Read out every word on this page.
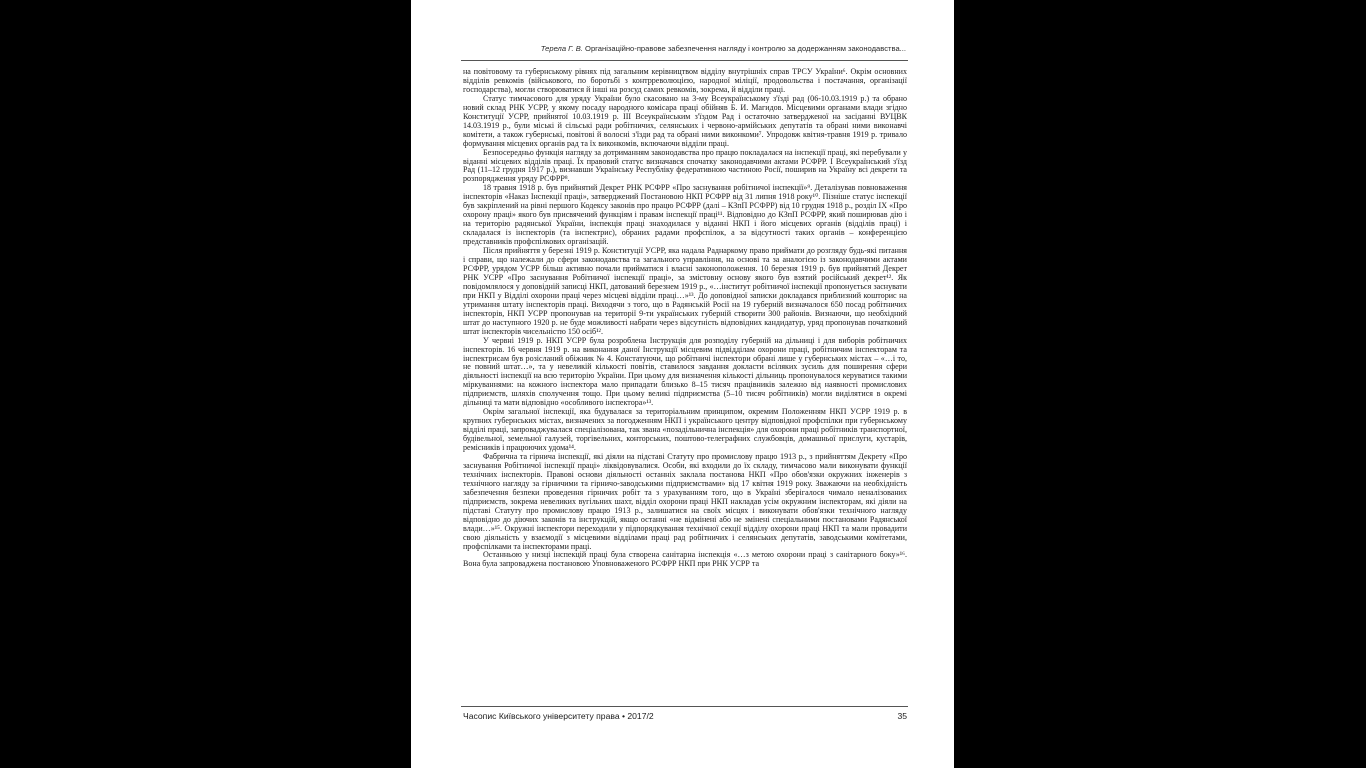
Терела Г. В. Організаційно-правове забезпечення нагляду і контролю за додержанням законодавства...

на повітовому та губернському рівнях під загальним керівництвом відділу внутрішніх справ ТРСУ України⁶. Окрім основних відділів ревкомів (військового, по боротьбі з контрреволюцією, народної міліції, продовольства і постачання, організації господарства), могли створюватися й інші на розсуд самих ревкомів, зокрема, й відділи праці.

Статус тимчасового для уряду України було скасовано на 3-му Всеукраїнському з'їзді рад (06-10.03.1919 р.) та обрано новий склад РНК УСРР, у якому посаду народного комісара праці обійняв Б. И. Магидов. Місцевими органами влади згідно Конституції УСРР, прийнятої 10.03.1919 р. III Всеукраїнським з'їздом Рад і остаточно затвердженої на засіданні ВУЦВК 14.03.1919 р., були міські й сільські ради робітничих, селянських і червоно-армійських депутатів та обрані ними виконавчі комітети, а також губернські, повітові й волосні з'їзди рад та обрані ними виконкоми⁷. Упродовж квітня-травня 1919 р. тривало формування місцевих органів рад та їх виконкомів, включаючи відділи праці.

Безпосередньо функція нагляду за дотриманням законодавства про працю покладалася на інспекції праці, які перебували у віданні місцевих відділів праці. Їх правовий статус визначався спочатку законодавчими актами РСФРР. І Всеукраїнський з'їзд Рад (11–12 грудня 1917 р.), визнавши Українську Республіку федеративною частиною Росії, поширив на Україну всі декрети та розпорядження уряду РСФРР⁸.

18 травня 1918 р. був прийнятий Декрет РНК РСФРР «Про заснування робітничої інспекції»⁹. Деталізував повноваження інспекторів «Наказ Інспекції праці», затверджений Постановою НКП РСФРР від 31 липня 1918 року¹⁰. Пізніше статус інспекції був закріплений на рівні першого Кодексу законів про працю РСФРР (далі – КЗпП РСФРР) від 10 грудня 1918 р., розділ IX «Про охорону праці» якого був присвячений функціям і правам інспекції праці¹¹. Відповідно до КЗпП РСФРР, який поширював дію і на територію радянської України, інспекція праці знаходилася у віданні НКП і його місцевих органів (відділів праці) і складалася із інспекторів (та інспектрис), обраних радами профспілок, а за відсутності таких органів – конференцією представників профспілкових організацій.

Після прийняття у березні 1919 р. Конституції УСРР, яка надала Раднаркому право приймати до розгляду будь-які питання і справи, що належали до сфери законодавства та загального управління, на основі та за аналогією із законодавчими актами РСФРР, урядом УСРР більш активно почали прийматися і власні законоположення. 10 березня 1919 р. був прийнятий Декрет РНК УСРР «Про заснування Робітничої інспекції праці», за змістовну основу якого був взятий російський декрет¹². Як повідомлялося у доповідній записці НКП, датований березнем 1919 р., «…інститут робітничої інспекції пропонується заснувати при НКП у Відділі охорони праці через місцеві відділи праці…»¹³. До доповідної записки докладався приблизний кошторис на утримання штату інспекторів праці. Виходячи з того, що в Радянській Росії на 19 губерній визначалося 650 посад робітничих інспекторів, НКП УСРР пропонував на території 9-ти українських губерній створити 300 районів. Визнаючи, що необхідний штат до наступного 1920 р. не буде можливості набрати через відсутність відповідних кандидатур, уряд пропонував початковий штат інспекторів чисельністю 150 осіб¹².

У червні 1919 р. НКП УСРР була розроблена Інструкція для розподілу губерній на дільниці і для виборів робітничих інспекторів. 16 червня 1919 р. на виконання даної Інструкції місцевим підвідділам охорони праці, робітничим інспекторам та інспектрисам був розісланий обіжник № 4. Констатуючи, що робітничі інспектори обрані лише у губернських містах – «…і то, не повний штат…», та у невеликій кількості повітів, ставилося завдання докласти всіляких зусиль для поширення сфери діяльності інспекції на всю територію України. При цьому для визначення кількості дільниць пропонувалося керуватися такими міркуваннями: на кожного інспектора мало припадати близько 8–15 тисяч працівників залежно від наявності промислових підприємств, шляхів сполучення тощо. При цьому великі підприємства (5–10 тисяч робітників) могли виділятися в окремі дільниці та мати відповідно «особливого інспектора»¹³.

Окрім загальної інспекції, яка будувалася за територіальним принципом, окремим Положенням НКП УСРР 1919 р. в крупних губернських містах, визначених за погодженням НКП і українського центру відповідної профспілки при губернському відділі праці, запроваджувалася спеціалізована, так звана «позадільнична інспекція» для охорони праці робітників транспортної, будівельної, земельної галузей, торгівельних, конторських, поштово-телеграфних службовців, домашньої прислуги, кустарів, ремісників і працюючих удома¹⁴.

Фабрична та гірнича інспекції, які діяли на підставі Статуту про промислову працю 1913 р., з прийняттям Декрету «Про заснування Робітничої інспекції праці» ліквідовувалися. Особи, які входили до їх складу, тимчасово мали виконувати функції технічних інспекторів. Правові основи діяльності останніх заклала постанова НКП «Про обов'язки окружних інженерів з технічного нагляду за гірничими та гірничо-заводськими підприємствами» від 17 квітня 1919 року. Зважаючи на необхідність забезпечення безпеки проведення гірничих робіт та з урахуванням того, що в Україні зберігалося чимало неналізованих підприємств, зокрема невеликих вугільних шахт, відділ охорони праці НКП накладав усім окружним інспекторам, які діяли на підставі Статуту про промислову працю 1913 р., залишатися на своїх місцях і виконувати обов'язки технічного нагляду відповідно до діючих законів та інструкцій, якщо останні «не відмінені або не змінені спеціальними постановами Радянської влади…»¹⁵. Окружні інспектори переходили у підпорядкування технічної секції відділу охорони праці НКП та мали провадити свою діяльність у взаємодії з місцевими відділами праці рад робітничих і селянських депутатів, заводськими комітетами, профспілками та інспекторами праці.

Останньою у низці інспекцій праці була створена санітарна інспекція «…з метою охорони праці з санітарного боку»¹⁶. Вона була запроваджена постановою Уповноваженого РСФРР НКП при РНК УСРР та

Часопис Київського університету права • 2017/2	35
